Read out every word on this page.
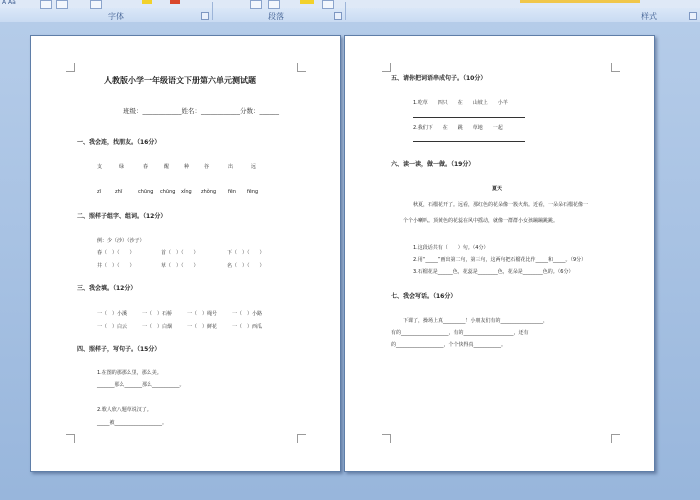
A Aa
字体	段落	样式
人教版小学一年级语文下册第六单元测试题
班级：____________姓名：____________分数：______
一、我会连，找朋友。（16分）
支	绿	春	醒	种	谷	出	远
zī	zhī	chūnɡ chūnɡ xǐnɡ zhǒnɡ fēn fēnɡ
二、照样子组字、组词。（12分）
例：少（沙）（沙子）
春（　）（　　）	首（　）（　　）	下（　）（　　）
井（　）（　　）	草（　）（　　）	名（　）（　　）
三、我会填。（12分）
一（　）小溪	一（　）石桥	一（　）绳号	一（　）小路
一（　）白云	一（　）白烟	一（　）鲜花	一（　）西瓜
四、照样子，写句子。（15分）
1.在图的那那么里，那么美。
_______那么_______那么___________。
2.歌人欣八题草说汉了。
_____被___________________。
五、请你把词语串成句子。（10分）
1.吃草　　四只　　在　　山坡上　　小羊
2.我们下　　在　　跳　　草地　　一起
六、读一读，做一做。（19分）
夏天
　　秋夏，石榴花开了。远看，那红色的花朵像一簇火焰。近看，一朵朵石榴花像一
个个小喇叭。顶黄色的花蕊在风中摇动，就像一群群小女孩蹦蹦跳跳。
1.这段话共有（　　）句。（4分）
2.用“_____”画出第二句，第三句，这两句把石榴花比作_____和_____。（9分）
3.石榴花是______色，花蕊是________色，花朵是________色的。（6分）
七、我会写话。（16分）
下课了，操场上真_________！小朋友们有的_________________，
有的___________________，有的____________________，还有
的___________________，个个快得真___________。
